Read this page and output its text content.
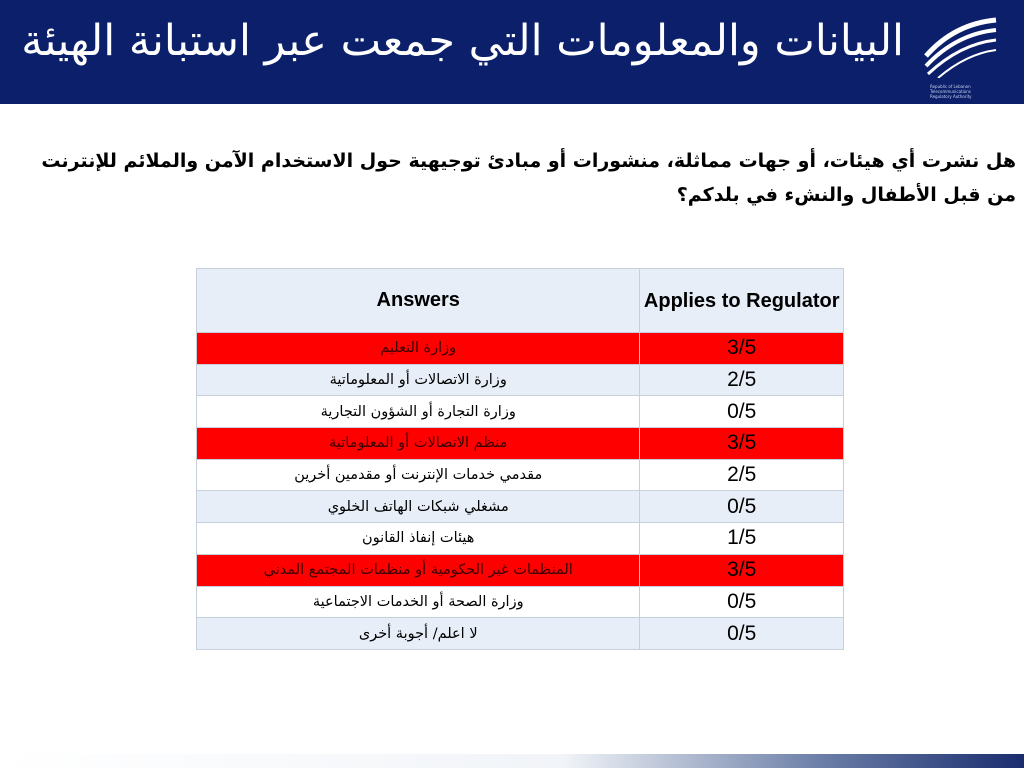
البيانات والمعلومات التي جمعت عبر استبانة الهيئة
Republic of Lebanon
Telecommunications
Regulatory Authority
هل نشرت أي هيئات، أو جهات مماثلة، منشورات أو مبادئ توجيهية حول الاستخدام الآمن والملائم للإنترنت من قبل الأطفال والنشء في بلدكم؟
Answers	Applies to Regulator
وزارة التعليم	3/5
وزارة الاتصالات أو المعلوماتية	2/5
وزارة التجارة أو الشؤون التجارية	0/5
منظم الاتصالات أو المعلوماتية	3/5
مقدمي خدمات الإنترنت أو مقدمين أخرين	2/5
مشغلي شبكات الهاتف الخلوي	0/5
هيئات إنفاذ القانون	1/5
المنظمات غير الحكومية أو منظمات المجتمع المدني	3/5
وزارة الصحة أو الخدمات الاجتماعية	0/5
لا اعلم/ أجوبة أخرى	0/5
